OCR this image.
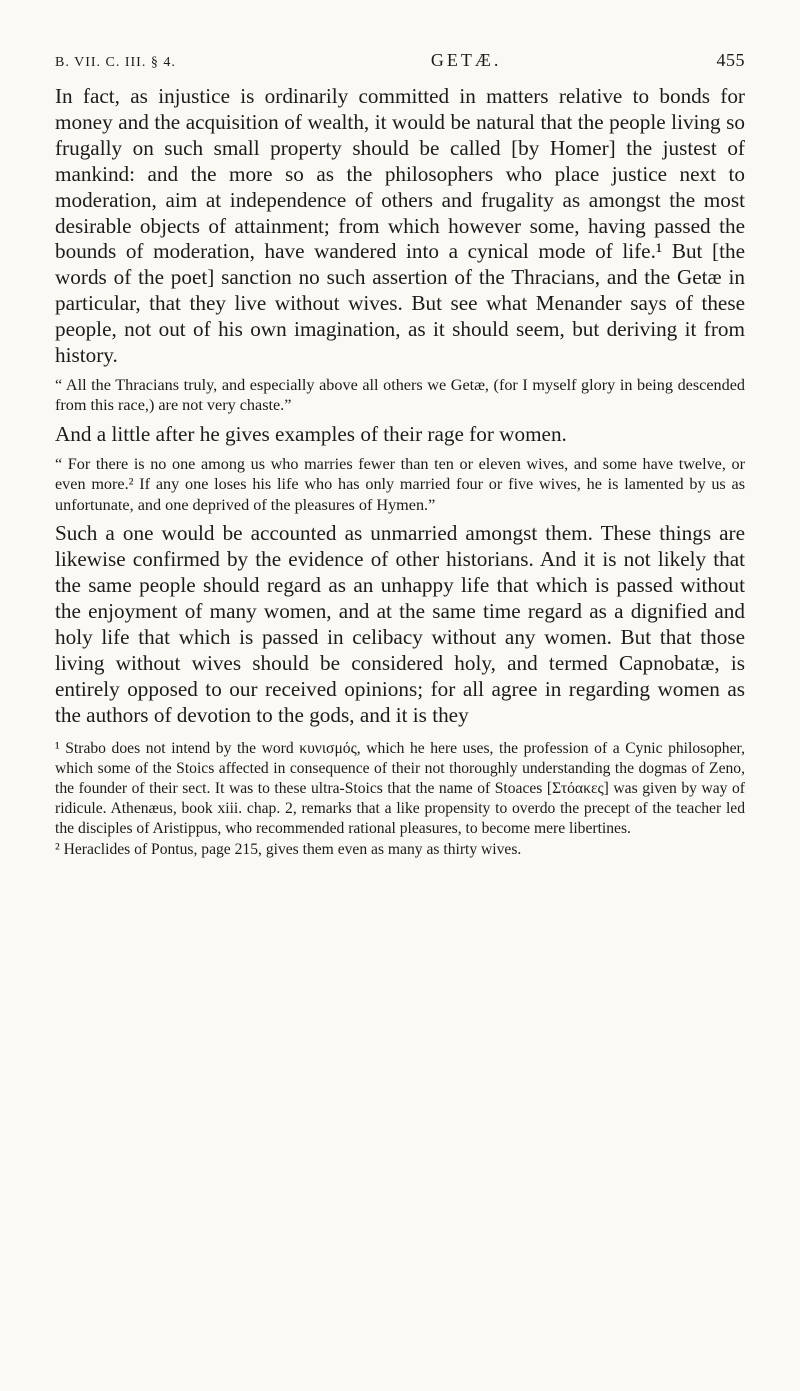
B. VII. C. III. § 4.	GETÆ.	455

In fact, as injustice is ordinarily committed in matters relative to bonds for money and the acquisition of wealth, it would be natural that the people living so frugally on such small property should be called [by Homer] the justest of mankind: and the more so as the philosophers who place justice next to moderation, aim at independence of others and frugality as amongst the most desirable objects of attainment; from which however some, having passed the bounds of moderation, have wandered into a cynical mode of life.¹ But [the words of the poet] sanction no such assertion of the Thracians, and the Getæ in particular, that they live without wives. But see what Menander says of these people, not out of his own imagination, as it should seem, but deriving it from history.

“ All the Thracians truly, and especially above all others we Getæ, (for I myself glory in being descended from this race,) are not very chaste.”

And a little after he gives examples of their rage for women.

“ For there is no one among us who marries fewer than ten or eleven wives, and some have twelve, or even more.² If any one loses his life who has only married four or five wives, he is lamented by us as unfortunate, and one deprived of the pleasures of Hymen.”

Such a one would be accounted as unmarried amongst them. These things are likewise confirmed by the evidence of other historians. And it is not likely that the same people should regard as an unhappy life that which is passed without the enjoyment of many women, and at the same time regard as a dignified and holy life that which is passed in celibacy without any women. But that those living without wives should be considered holy, and termed Capnobatæ, is entirely opposed to our received opinions; for all agree in regarding women as the authors of devotion to the gods, and it is they

¹ Strabo does not intend by the word κυνισμός, which he here uses, the profession of a Cynic philosopher, which some of the Stoics affected in consequence of their not thoroughly understanding the dogmas of Zeno, the founder of their sect. It was to these ultra-Stoics that the name of Stoaces [Στόακες] was given by way of ridicule. Athenæus, book xiii. chap. 2, remarks that a like propensity to overdo the precept of the teacher led the disciples of Aristippus, who recommended rational pleasures, to become mere libertines.

² Heraclides of Pontus, page 215, gives them even as many as thirty wives.
